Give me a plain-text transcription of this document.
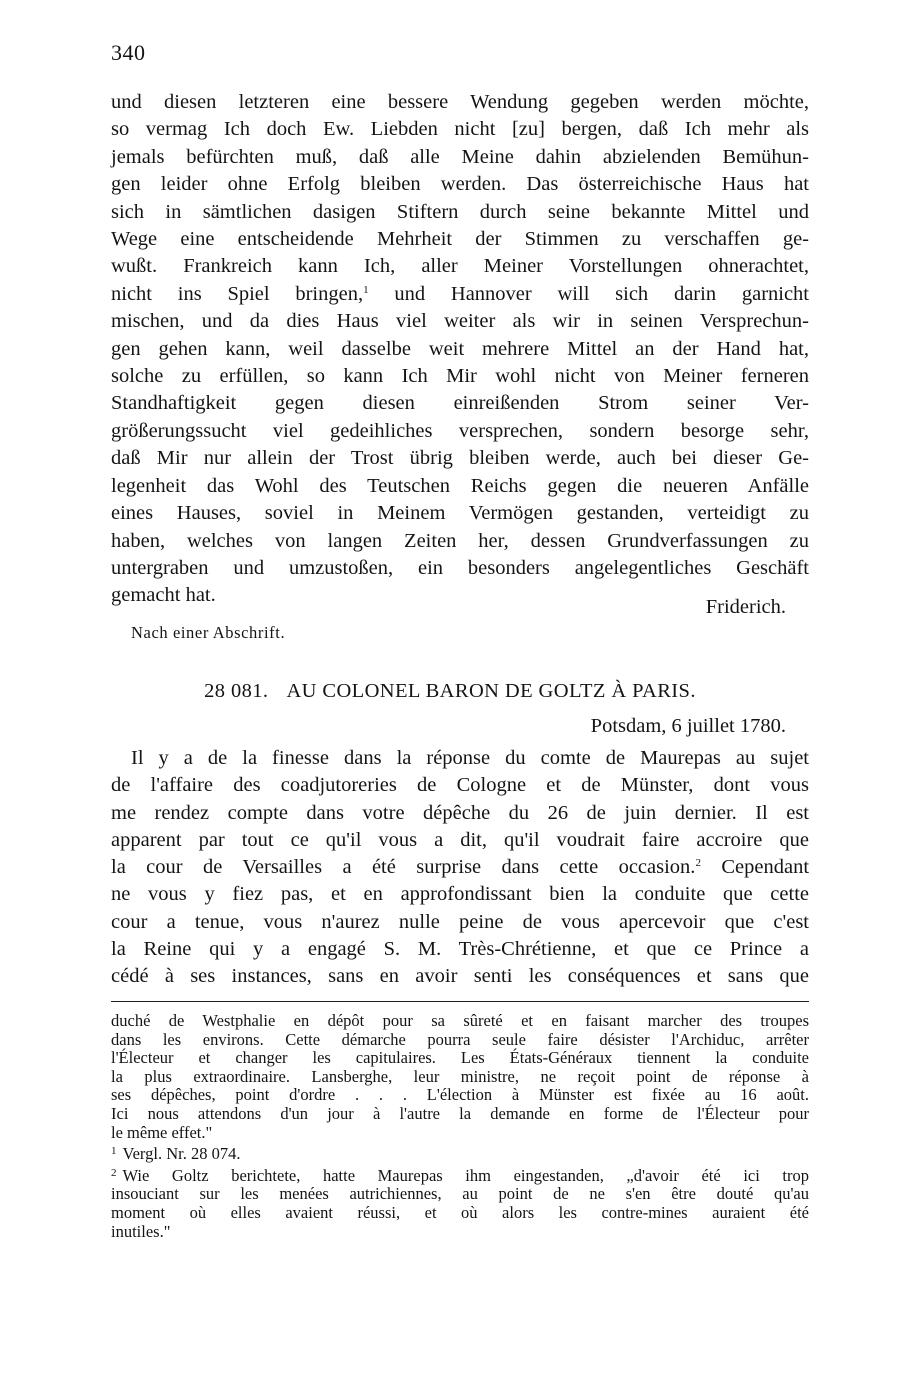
340
und diesen letzteren eine bessere Wendung gegeben werden möchte,
so vermag Ich doch Ew. Liebden nicht [zu] bergen, daß Ich mehr als
jemals befürchten muß, daß alle Meine dahin abzielenden Bemühun-
gen leider ohne Erfolg bleiben werden. Das österreichische Haus hat
sich in sämtlichen dasigen Stiftern durch seine bekannte Mittel und
Wege eine entscheidende Mehrheit der Stimmen zu verschaffen ge-
wußt. Frankreich kann Ich, aller Meiner Vorstellungen ohnerachtet,
nicht ins Spiel bringen,$^1$ und Hannover will sich darin garnicht
mischen, und da dies Haus viel weiter als wir in seinen Versprechun-
gen gehen kann, weil dasselbe weit mehrere Mittel an der Hand hat,
solche zu erfüllen, so kann Ich Mir wohl nicht von Meiner ferneren
Standhaftigkeit gegen diesen einreißenden Strom seiner Ver-
größerungssucht viel gedeihliches versprechen, sondern besorge sehr,
daß Mir nur allein der Trost übrig bleiben werde, auch bei dieser Ge-
legenheit das Wohl des Teutschen Reichs gegen die neueren Anfälle
eines Hauses, soviel in Meinem Vermögen gestanden, verteidigt zu
haben, welches von langen Zeiten her, dessen Grundverfassungen zu
untergraben und umzustoßen, ein besonders angelegentliches Geschäft
gemacht hat.
Friderich.
Nach einer Abschrift.
28 081. AU COLONEL BARON DE GOLTZ À PARIS.
Potsdam, 6 juillet 1780.
Il y a de la finesse dans la réponse du comte de Maurepas au sujet
de l'affaire des coadjutoreries de Cologne et de Münster, dont vous
me rendez compte dans votre dépêche du 26 de juin dernier. Il est
apparent par tout ce qu'il vous a dit, qu'il voudrait faire accroire que
la cour de Versailles a été surprise dans cette occasion.$^2$ Cependant
ne vous y fiez pas, et en approfondissant bien la conduite que cette
cour a tenue, vous n'aurez nulle peine de vous apercevoir que c'est
la Reine qui y a engagé S. M. Très-Chrétienne, et que ce Prince a
cédé à ses instances, sans en avoir senti les conséquences et sans que
duché de Westphalie en dépôt pour sa sûreté et en faisant marcher des troupes
dans les environs. Cette démarche pourra seule faire désister l'Archiduc, arrêter
l'Électeur et changer les capitulaires. Les États-Généraux tiennent la conduite
la plus extraordinaire. Lansberghe, leur ministre, ne reçoit point de réponse à
ses dépêches, point d'ordre . . . L'élection à Münster est fixée au 16 août.
Ici nous attendons d'un jour à l'autre la demande en forme de l'Électeur pour
le même effet."
$^1$ Vergl. Nr. 28 074.
$^2$ Wie Goltz berichtete, hatte Maurepas ihm eingestanden, „d'avoir été ici trop
insouciant sur les menées autrichiennes, au point de ne s'en être douté qu'au
moment où elles avaient réussi, et où alors les contre-mines auraient été
inutiles."
